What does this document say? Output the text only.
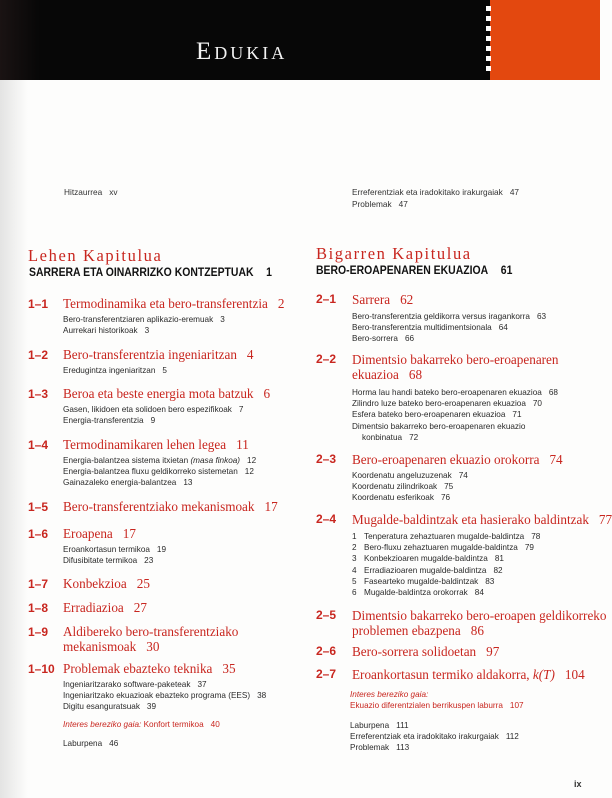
Edukia
Hitzaurrea xv
Lehen Kapitulua
SARRERA ETA OINARRIZKO KONTZEPTUAK 1
1–1 Termodinamika eta bero-transferentzia 2
Bero-transferentziaren aplikazio-eremuak 3
Aurrekari historikoak 3
1–2 Bero-transferentzia ingeniaritzan 4
Eredugintza ingeniaritzan 5
1–3 Beroa eta beste energia mota batzuk 6
Gasen, likidoen eta solidoen bero espezifikoak 7
Energia-transferentzia 9
1–4 Termodinamikaren lehen legea 11
Energia-balantzea sistema itxietan (masa finkoa) 12
Energia-balantzea fluxu geldikorreko sistemetan 12
Gainazaleko energia-balantzea 13
1–5 Bero-transferentziako mekanismoak 17
1–6 Eroapena 17
Eroankortasun termikoa 19
Difusibitate termikoa 23
1–7 Konbekzioa 25
1–8 Erradiazioa 27
1–9 Aldibereko bero-transferentziako
mekanismoak 30
1–10 Problemak ebazteko teknika 35
Ingeniaritzarako software-paketeak 37
Ingeniaritzako ekuazioak ebazteko programa (EES) 38
Digitu esanguratsuak 39
Interes bereziko gaia: Konfort termikoa 40
Laburpena 46
Erreferentziak eta iradokitako irakurgaiak 47
Problemak 47
Bigarren Kapitulua
BERO-EROAPENAREN EKUAZIOA 61
2–1 Sarrera 62
Bero-transferentzia geldikorra versus iragankorra 63
Bero-transferentzia multidimentsionala 64
Bero-sorrera 66
2–2 Dimentsio bakarreko bero-eroapenaren
ekuazioa 68
Horma lau handi bateko bero-eroapenaren ekuazioa 68
Zilindro luze bateko bero-eroapenaren ekuazioa 70
Esfera bateko bero-eroapenaren ekuazioa 71
Dimentsio bakarreko bero-eroapenaren ekuazio
konbinatua 72
2–3 Bero-eroapenaren ekuazio orokorra 74
Koordenatu angeluzuzenak 74
Koordenatu zilindrikoak 75
Koordenatu esferikoak 76
2–4 Mugalde-baldintzak eta hasierako baldintzak 77
1 Tenperatura zehaztuaren mugalde-baldintza 78
2 Bero-fluxu zehaztuaren mugalde-baldintza 79
3 Konbekzioaren mugalde-baldintza 81
4 Erradiazioaren mugalde-baldintza 82
5 Fasearteko mugalde-baldintzak 83
6 Mugalde-baldintza orokorrak 84
2–5 Dimentsio bakarreko bero-eroapen geldikorreko
problemen ebazpena 86
2–6 Bero-sorrera solidoetan 97
2–7 Eroankortasun termiko aldakorra, k(T) 104
Interes bereziko gaia:
Ekuazio diferentzialen berrikuspen laburra 107
Laburpena 111
Erreferentziak eta iradokitako irakurgaiak 112
Problemak 113
ix
